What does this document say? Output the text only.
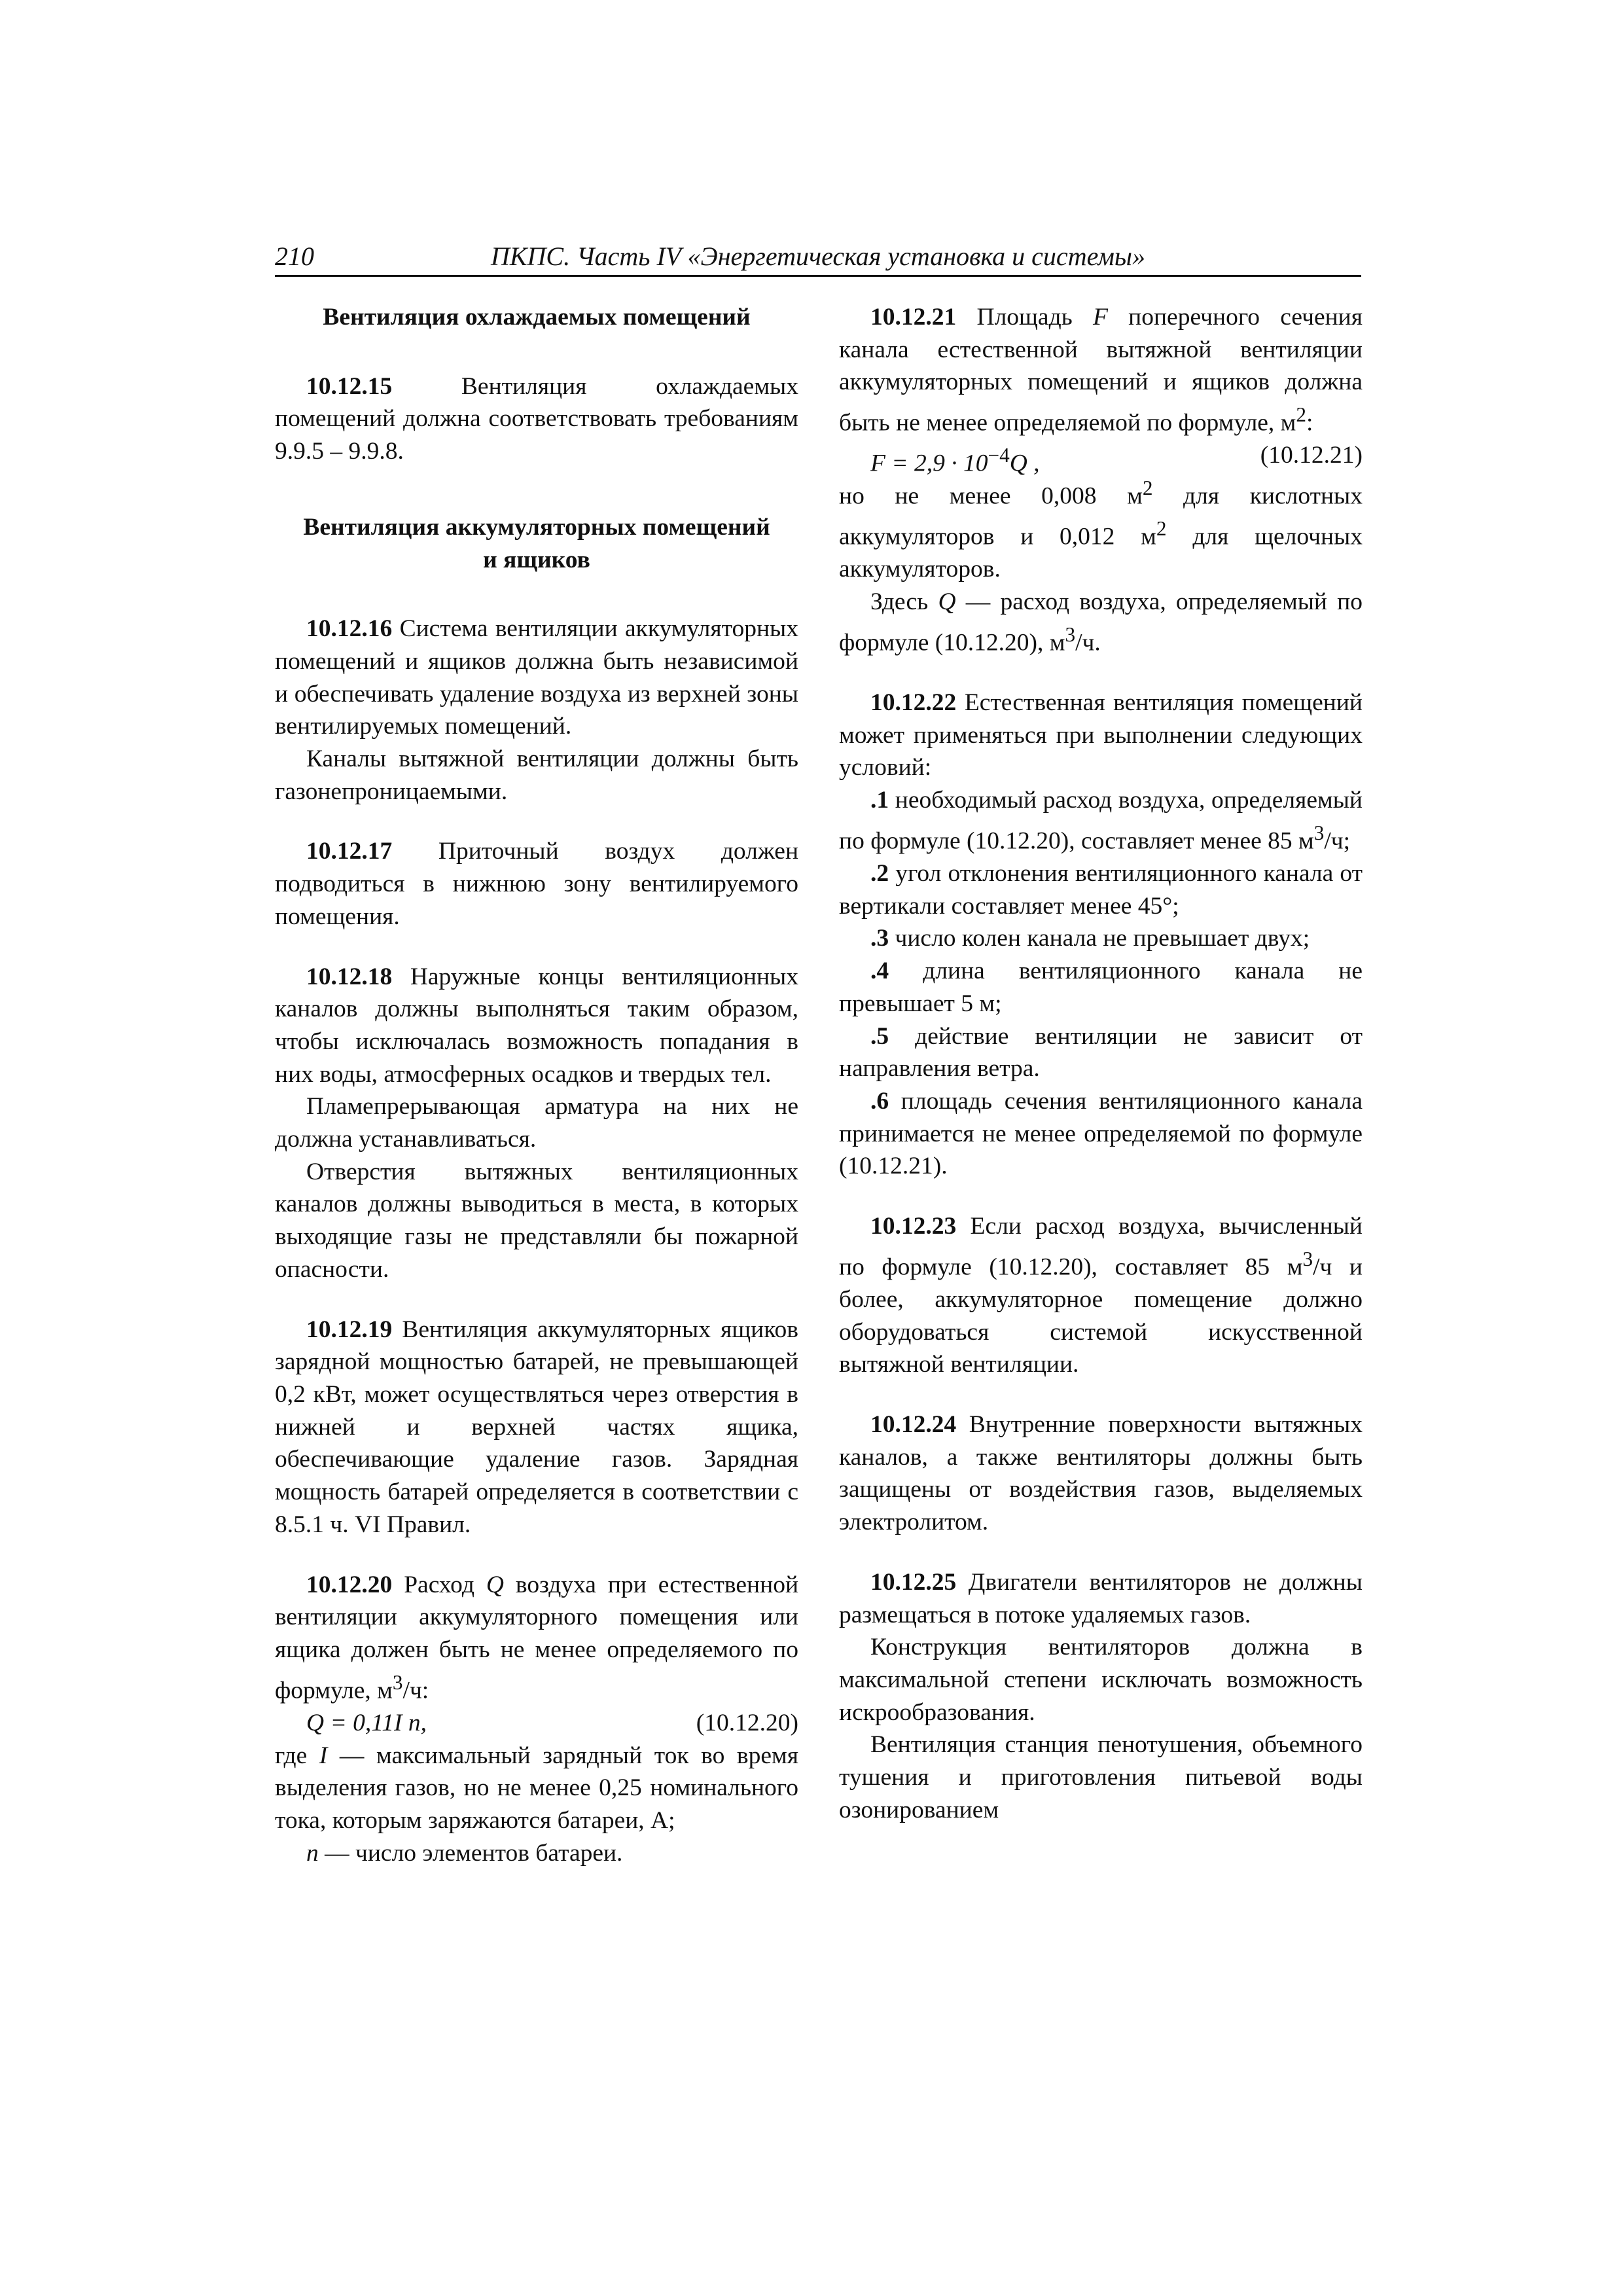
210	ПКПС. Часть IV «Энергетическая установка и системы»

Вентиляция охлаждаемых помещений

10.12.15	Вентиляция охлаждаемых помещений должна соответствовать требованиям 9.9.5 – 9.9.8.

Вентиляция аккумуляторных помещений
и ящиков

10.12.16 Система вентиляции аккумуляторных помещений и ящиков должна быть независимой и обеспечивать удаление воздуха из верхней зоны вентилируемых помещений.

Каналы вытяжной вентиляции должны быть газонепроницаемыми.

10.12.17 Приточный воздух должен подводиться в нижнюю зону вентилируемого помещения.

10.12.18 Наружные концы вентиляционных каналов должны выполняться таким образом, чтобы исключалась возможность попадания в них воды, атмосферных осадков и твердых тел.

Пламепрерывающая арматура на них не должна устанавливаться.

Отверстия вытяжных вентиляционных каналов должны выводиться в места, в которых выходящие газы не представляли бы пожарной опасности.

10.12.19 Вентиляция аккумуляторных ящиков зарядной мощностью батарей, не превышающей 0,2 кВт, может осуществляться через отверстия в нижней и верхней частях ящика, обеспечивающие удаление газов. Зарядная мощность батарей определяется в соответствии с 8.5.1 ч. VI Правил.

10.12.20 Расход Q воздуха при естественной вентиляции аккумуляторного помещения или ящика должен быть не менее определяемого по формуле, $м^3/ч$:

Q = 0,11I n,	(10.12.20)

где I — максимальный зарядный ток во время выделения газов, но не менее 0,25 номинального тока, которым заряжаются батареи, А;

n — число элементов батареи.

10.12.21 Площадь F поперечного сечения канала естественной вытяжной вентиляции аккумуляторных помещений и ящиков должна быть не менее определяемой по формуле, $м^2$:

$F = 2,9 \cdot 10^{-4}Q$ ,	(10.12.21)

но не менее 0,008 $м^2$ для кислотных аккумуляторов и 0,012 $м^2$ для щелочных аккумуляторов.

Здесь Q — расход воздуха, определяемый по формуле (10.12.20), $м^3/ч$.

10.12.22 Естественная вентиляция помещений может применяться при выполнении следующих условий:

.1 необходимый расход воздуха, определяемый по формуле (10.12.20), составляет менее 85 $м^3/ч$;

.2 угол отклонения вентиляционного канала от вертикали составляет менее 45°;

.3 число колен канала не превышает двух;

.4 длина вентиляционного канала не превышает 5 м;

.5 действие вентиляции не зависит от направления ветра.

.6 площадь сечения вентиляционного канала принимается не менее определяемой по формуле (10.12.21).

10.12.23 Если расход воздуха, вычисленный по формуле (10.12.20), составляет 85 $м^3/ч$ и более, аккумуляторное помещение должно оборудоваться системой искусственной вытяжной вентиляции.

10.12.24 Внутренние поверхности вытяжных каналов, а также вентиляторы должны быть защищены от воздействия газов, выделяемых электролитом.

10.12.25 Двигатели вентиляторов не должны размещаться в потоке удаляемых газов.

Конструкция вентиляторов должна в максимальной степени исключать возможность искрообразования.

Вентиляция станция пенотушения, объемного тушения и приготовления питьевой воды озонированием
